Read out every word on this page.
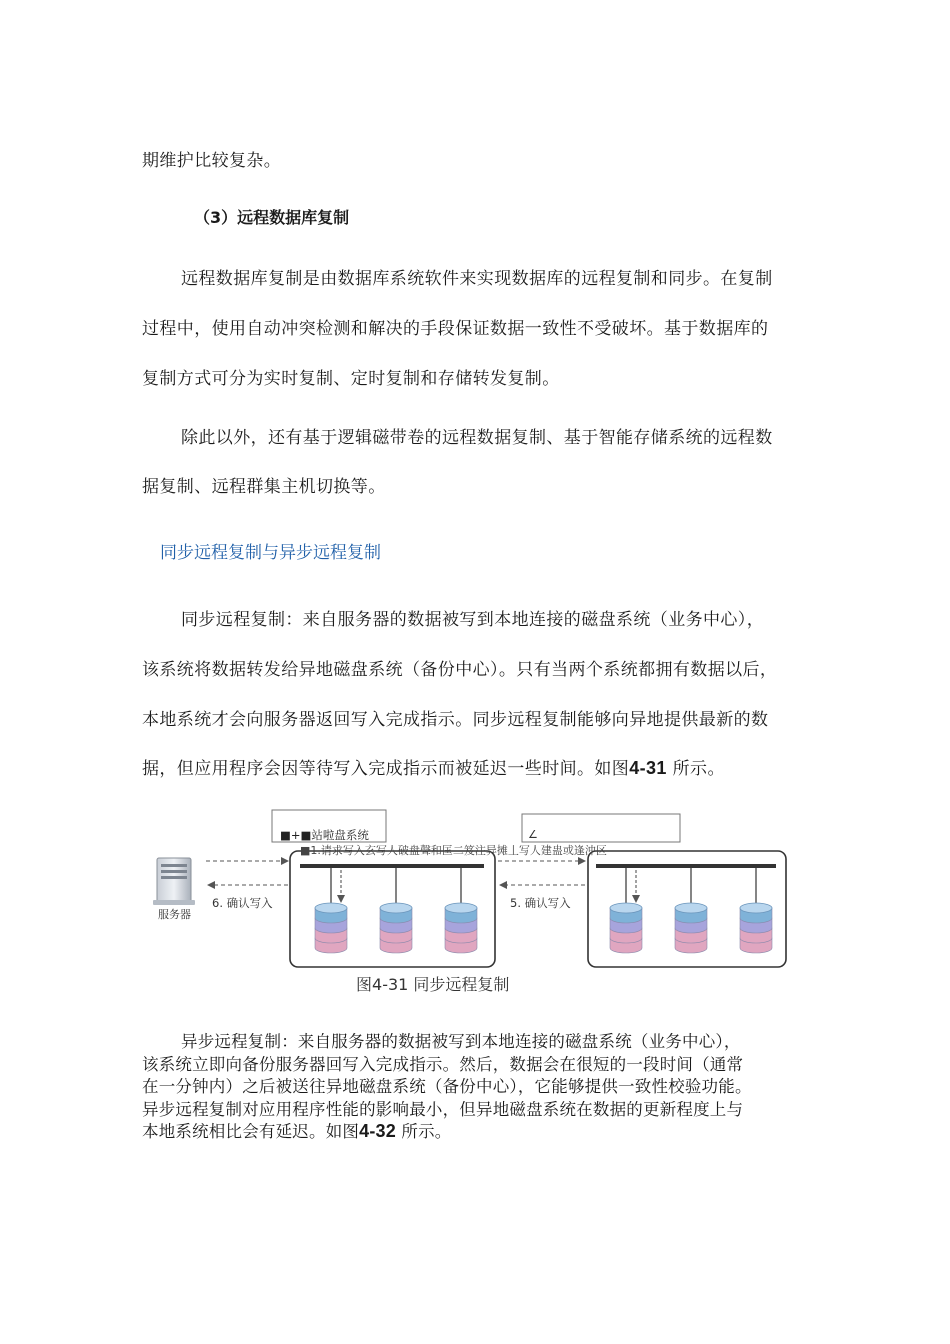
期维护比较复杂。
（3）远程数据库复制
远程数据库复制是由数据库系统软件来实现数据库的远程复制和同步。在复制
过程中，使用自动冲突检测和解决的手段保证数据一致性不受破坏。基于数据库的
复制方式可分为实时复制、定时复制和存储转发复制。
除此以外，还有基于逻辑磁带卷的远程数据复制、基于智能存储系统的远程数
据复制、远程群集主机切换等。
同步远程复制与异步远程复制
同步远程复制：来自服务器的数据被写到本地连接的磁盘系统（业务中心），
该系统将数据转发给异地磁盘系统（备份中心）。只有当两个系统都拥有数据以后，
本地系统才会向服务器返回写入完成指示。同步远程复制能够向异地提供最新的数
据，但应用程序会因等待写入完成指示而被延迟一些时间。如图4-31 所示。
服务器
■+■站啦盘系统	∠
■1.请求写入玄写人破盘聲和匡二笈注异摊丄写人建蛊或逢沖区
6. 确认写入	5. 确认写入
图4-31 同步远程复制
异步远程复制：来自服务器的数据被写到本地连接的磁盘系统（业务中心），
该系统立即向备份服务器回写入完成指示。然后，数据会在很短的一段时间（通常
在一分钟内）之后被送往异地磁盘系统（备份中心），它能够提供一致性校验功能。
异步远程复制对应用程序性能的影响最小，但异地磁盘系统在数据的更新程度上与
本地系统相比会有延迟。如图4-32 所示。
